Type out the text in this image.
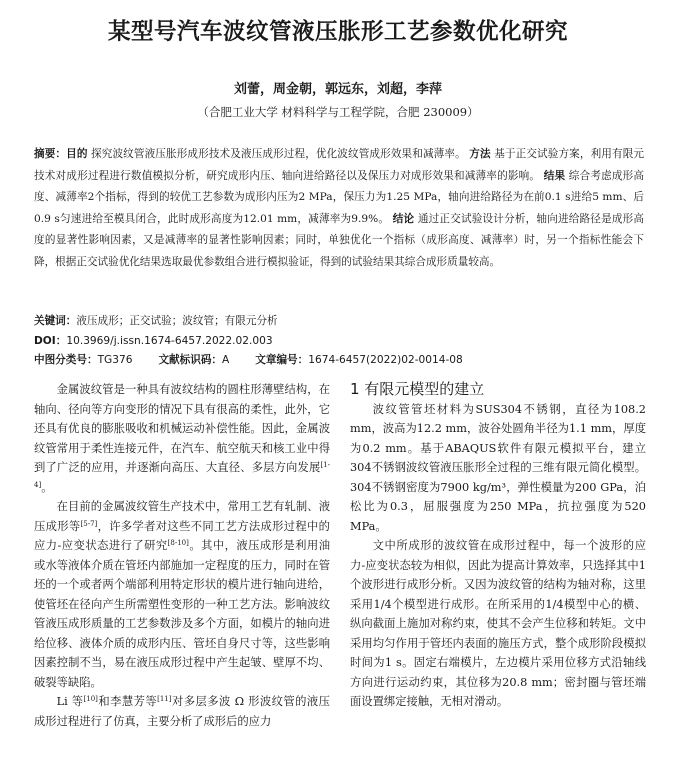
某型号汽车波纹管液压胀形工艺参数优化研究
刘蕾，周金朝，郭远东，刘超，李萍
（合肥工业大学 材料科学与工程学院，合肥 230009）
摘要：目的 探究波纹管液压胀形成形技术及液压成形过程，优化波纹管成形效果和减薄率。 方法 基于正交试验方案，利用有限元技术对成形过程进行数值模拟分析，研究成形内压、轴向进给路径以及保压力对成形效果和减薄率的影响。 结果 综合考虑成形高度、减薄率2个指标，得到的较优工艺参数为成形内压为2 MPa，保压力为1.25 MPa，轴向进给路径为在前0.1 s进给5 mm、后0.9 s匀速进给至模具闭合，此时成形高度为12.01 mm，减薄率为9.9%。 结论 通过正交试验设计分析，轴向进给路径是成形高度的显著性影响因素，又是减薄率的显著性影响因素；同时，单独优化一个指标（成形高度、减薄率）时，另一个指标性能会下降，根据正交试验优化结果选取最优参数组合进行模拟验证，得到的试验结果其综合成形质量较高。
关键词：液压成形；正交试验；波纹管；有限元分析
DOI：10.3969/j.issn.1674-6457.2022.02.003
中图分类号：TG376 文献标识码：A 文章编号：1674-6457(2022)02-0014-08

金属波纹管是一种具有波纹结构的圆柱形薄壁结构，在轴向、径向等方向变形的情况下具有很高的柔性，此外，它还具有优良的膨胀吸收和机械运动补偿性能。因此，金属波纹管常用于柔性连接元件，在汽车、航空航天和核工业中得到了广泛的应用，并逐渐向高压、大直径、多层方向发展[1-4]。

在目前的金属波纹管生产技术中，常用工艺有轧制、液压成形等[5-7]，许多学者对这些不同工艺方法成形过程中的应力-应变状态进行了研究[8-10]。其中，液压成形是利用油或水等液体介质在管坯内部施加一定程度的压力，同时在管坯的一个或者两个端部利用特定形状的模片进行轴向进给，使管坯在径向产生所需塑性变形的一种工艺方法。影响波纹管液压成形质量的工艺参数涉及多个方面，如模片的轴向进给位移、液体介质的成形内压、管坯自身尺寸等，这些影响因素控制不当，易在液压成形过程中产生起皱、壁厚不均、破裂等缺陷。

Li 等[10]和李慧芳等[11]对多层多波 Ω 形波纹管的液压成形过程进行了仿真，主要分析了成形后的应力

1 有限元模型的建立

波纹管管坯材料为SUS304不锈钢，直径为108.2 mm，波高为12.2 mm，波谷处圆角半径为1.1 mm，厚度为0.2 mm。基于ABAQUS软件有限元模拟平台，建立304不锈钢波纹管液压胀形全过程的三维有限元简化模型。304不锈钢密度为7900 kg/m³，弹性模量为200 GPa，泊松比为0.3，屈服强度为250 MPa，抗拉强度为520 MPa。

文中所成形的波纹管在成形过程中，每一个波形的应力-应变状态较为相似，因此为提高计算效率，只选择其中1个波形进行成形分析。又因为波纹管的结构为轴对称，这里采用1/4个模型进行成形。在所采用的1/4模型中心的横、纵向截面上施加对称约束，使其不会产生位移和转矩。文中采用均匀作用于管坯内表面的施压方式，整个成形阶段模拟时间为1 s。固定右端模片，左边模片采用位移方式沿轴线方向进行运动约束，其位移为20.8 mm；密封圈与管坯端面设置绑定接触，无相对滑动。
